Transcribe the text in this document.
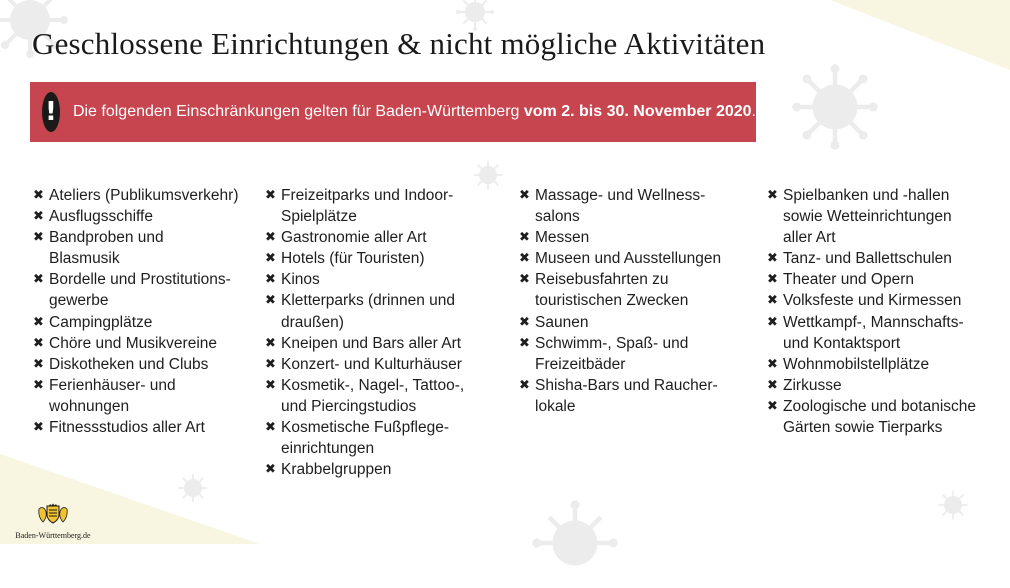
Geschlossene Einrichtungen & nicht mögliche Aktivitäten
! Die folgenden Einschränkungen gelten für Baden-Württemberg vom 2. bis 30. November 2020.
✖ Ateliers (Publikumsverkehr)
✖ Ausflugsschiffe
✖ Bandproben und
Blasmusik
✖ Bordelle und Prostitutions-
gewerbe
✖ Campingplätze
✖ Chöre und Musikvereine
✖ Diskotheken und Clubs
✖ Ferienhäuser- und
wohnungen
✖ Fitnessstudios aller Art
✖ Freizeitparks und Indoor-
Spielplätze
✖ Gastronomie aller Art
✖ Hotels (für Touristen)
✖ Kinos
✖ Kletterparks (drinnen und
draußen)
✖ Kneipen und Bars aller Art
✖ Konzert- und Kulturhäuser
✖ Kosmetik-, Nagel-, Tattoo-,
und Piercingstudios
✖ Kosmetische Fußpflege-
einrichtungen
✖ Krabbelgruppen
✖ Massage- und Wellness-
salons
✖ Messen
✖ Museen und Ausstellungen
✖ Reisebusfahrten zu
touristischen Zwecken
✖ Saunen
✖ Schwimm-, Spaß- und
Freizeitbäder
✖ Shisha-Bars und Raucher-
lokale
✖ Spielbanken und -hallen
sowie Wetteinrichtungen
aller Art
✖ Tanz- und Ballettschulen
✖ Theater und Opern
✖ Volksfeste und Kirmessen
✖ Wettkampf-, Mannschafts-
und Kontaktsport
✖ Wohnmobilstellplätze
✖ Zirkusse
✖ Zoologische und botanische
Gärten sowie Tierparks
Baden-Württemberg.de
